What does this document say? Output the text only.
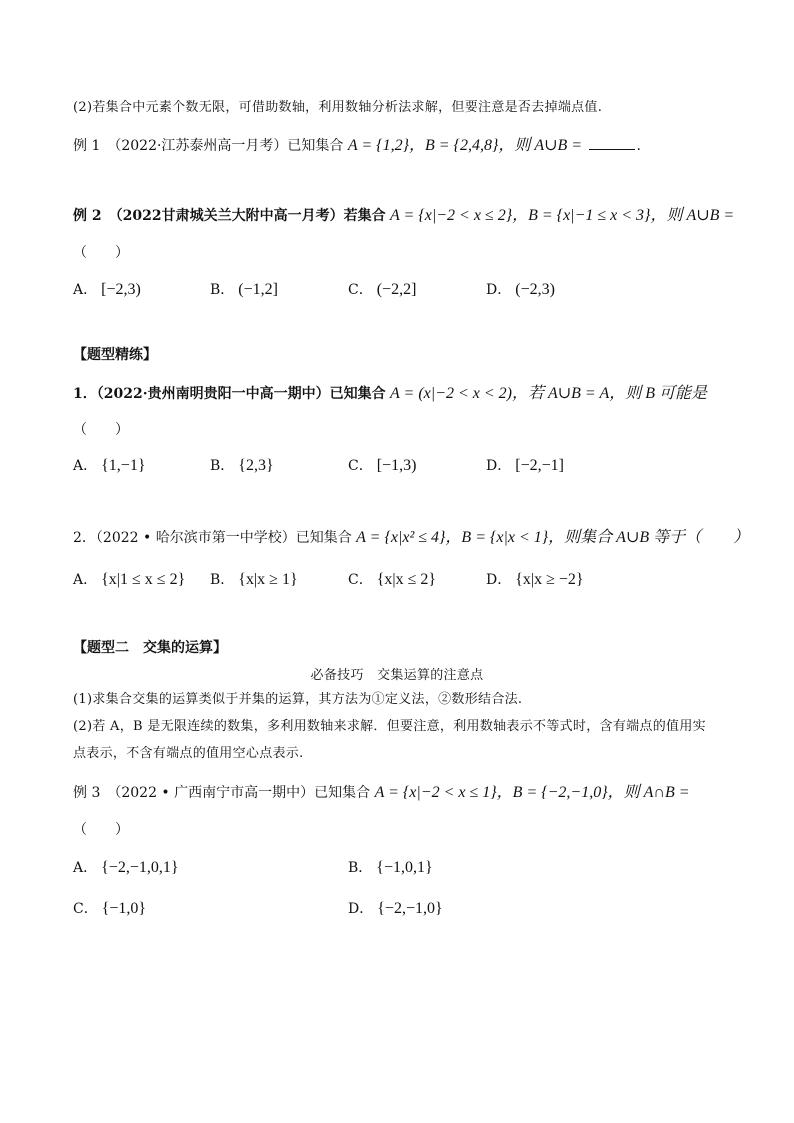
(2)若集合中元素个数无限，可借助数轴，利用数轴分析法求解，但要注意是否去掉端点值.
例 1　（2022·江苏泰州高一月考）已知集合 A = {1,2}，B = {2,4,8}，则 A∪B =	.
例 2　（2022甘肃城关兰大附中高一月考）若集合 A = {x|−2 < x ≤ 2}，B = {x|−1 ≤ x < 3}，则 A∪B =
（　　）
A． [−2,3)	B． (−1,2]	C． (−2,2]	D． (−2,3)
【题型精练】
1．（2022·贵州南明贵阳一中高一期中）已知集合 A = (x|−2 < x < 2)，若 A∪B = A，则 B 可能是
（　　）
A． {1,−1}	B． {2,3}	C． [−1,3)	D． [−2,−1]
2．（2022 • 哈尔滨市第一中学校）已知集合 A = {x|x² ≤ 4}，B = {x|x < 1}，则集合 A∪B 等于（　　）
A． {x|1 ≤ x ≤ 2} B． {x|x ≥ 1}	C． {x|x ≤ 2}	D． {x|x ≥ −2}
【题型二　交集的运算】
必备技巧　交集运算的注意点
(1)求集合交集的运算类似于并集的运算，其方法为①定义法，②数形结合法.
(2)若 A，B 是无限连续的数集，多利用数轴来求解．但要注意，利用数轴表示不等式时，含有端点的值用实
点表示，不含有端点的值用空心点表示.
例 3　（2022 • 广西南宁市高一期中）已知集合 A = {x|−2 < x ≤ 1}，B = {−2,−1,0}，则 A∩B =
（　　）
A． {−2,−1,0,1}	B． {−1,0,1}
C． {−1,0}	D． {−2,−1,0}
